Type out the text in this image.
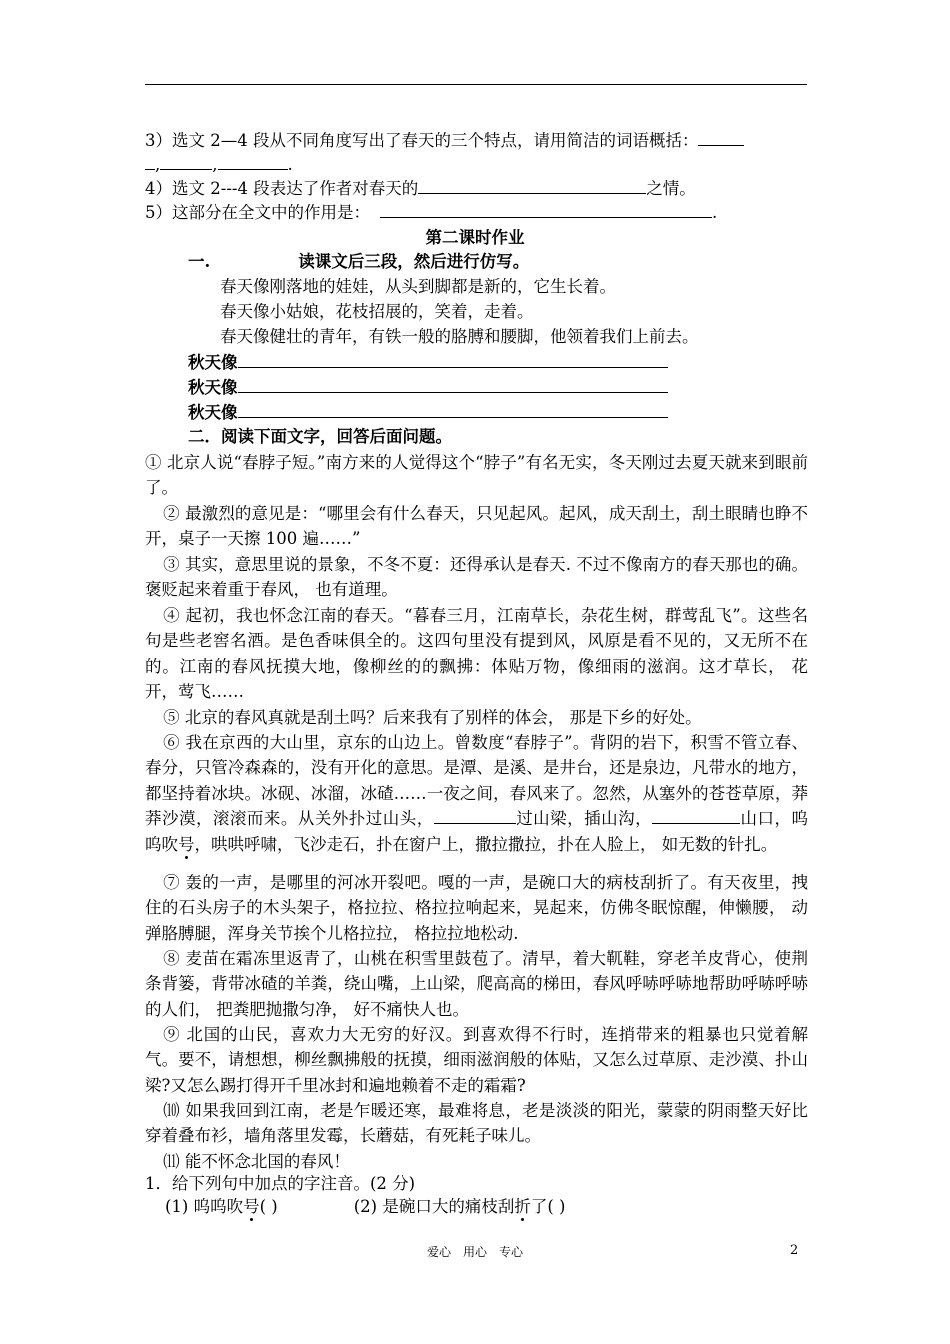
3）选文 2—4 段从不同角度写出了春天的三个特点，请用简洁的词语概括：
,	,	.
4）选文 2---4 段表达了作者对春天的	之情。
5）这部分在全文中的作用是：	.
第二课时作业
一.	读课文后三段，然后进行仿写。
春天像刚落地的娃娃，从头到脚都是新的，它生长着。
春天像小姑娘，花枝招展的，笑着，走着。
春天像健壮的青年，有铁一般的胳膊和腰脚，他领着我们上前去。
秋天像
秋天像
秋天像
二．阅读下面文字，回答后面问题。
① 北京人说“春脖子短。”南方来的人觉得这个“脖子”有名无实，冬天刚过去夏天就来到眼前了。
② 最激烈的意见是：“哪里会有什么春天，只见起风。起风，成天刮土，刮土眼睛也睁不开，桌子一天擦 100 遍……”
③ 其实，意思里说的景象，不冬不夏：还得承认是春天. 不过不像南方的春天那也的确。褒贬起来着重于春风， 也有道理。
④ 起初，我也怀念江南的春天。“暮春三月，江南草长，杂花生树，群莺乱飞”。这些名句是些老窖名酒。是色香味俱全的。这四句里没有提到风，风原是看不见的，又无所不在的。江南的春风抚摸大地，像柳丝的的飘拂：体贴万物，像细雨的滋润。这才草长， 花开，莺飞……
⑤ 北京的春风真就是刮土吗？后来我有了别样的体会， 那是下乡的好处。
⑥ 我在京西的大山里，京东的山边上。曾数度“春脖子”。背阴的岩下，积雪不管立春、春分，只管冷森森的，没有开化的意思。是潭、是溪、是井台，还是泉边，凡带水的地方，都坚持着冰块。冰砚、冰溜，冰碴……一夜之间，春风来了。忽然，从塞外的苍苍草原，莽莽沙漠，滚滚而来。从关外扑过山头，	过山梁，插山沟，	山口，呜呜吹号，哄哄呼啸，飞沙走石，扑在窗户上，撒拉撒拉，扑在人脸上， 如无数的针扎。
⑦ 轰的一声，是哪里的河冰开裂吧。嘎的一声，是碗口大的病枝刮折了。有天夜里，拽住的石头房子的木头架子，格拉拉、格拉拉响起来，晃起来，仿佛冬眠惊醒，伸懒腰， 动弹胳膊腿，浑身关节挨个儿格拉拉， 格拉拉地松动.
⑧ 麦苗在霜冻里返青了，山桃在积雪里鼓苞了。清早，着大靰鞋，穿老羊皮背心，使荆条背篓，背带冰碴的羊粪，绕山嘴，上山梁，爬高高的梯田，春风呼哧呼哧地帮助呼哧呼哧的人们， 把粪肥抛撒匀净， 好不痛快人也。
⑨ 北国的山民，喜欢力大无穷的好汉。到喜欢得不行时，连捎带来的粗暴也只觉着解气。要不，请想想，柳丝飘拂般的抚摸，细雨滋润般的体贴，又怎么过草原、走沙漠、扑山梁?又怎么踢打得开千里冰封和遍地赖着不走的霜霜?
⑽ 如果我回到江南，老是乍暖还寒，最难将息，老是淡淡的阳光，蒙蒙的阴雨整天好比穿着叠布衫，墙角落里发霉，长蘑菇，有死耗子味儿。
⑾ 能不怀念北国的春风！
1．给下列句中加点的字注音。(2 分)
(1) 呜呜吹号( )	(2) 是碗口大的痛枝刮折了( )
爱心 用心 专心	2
